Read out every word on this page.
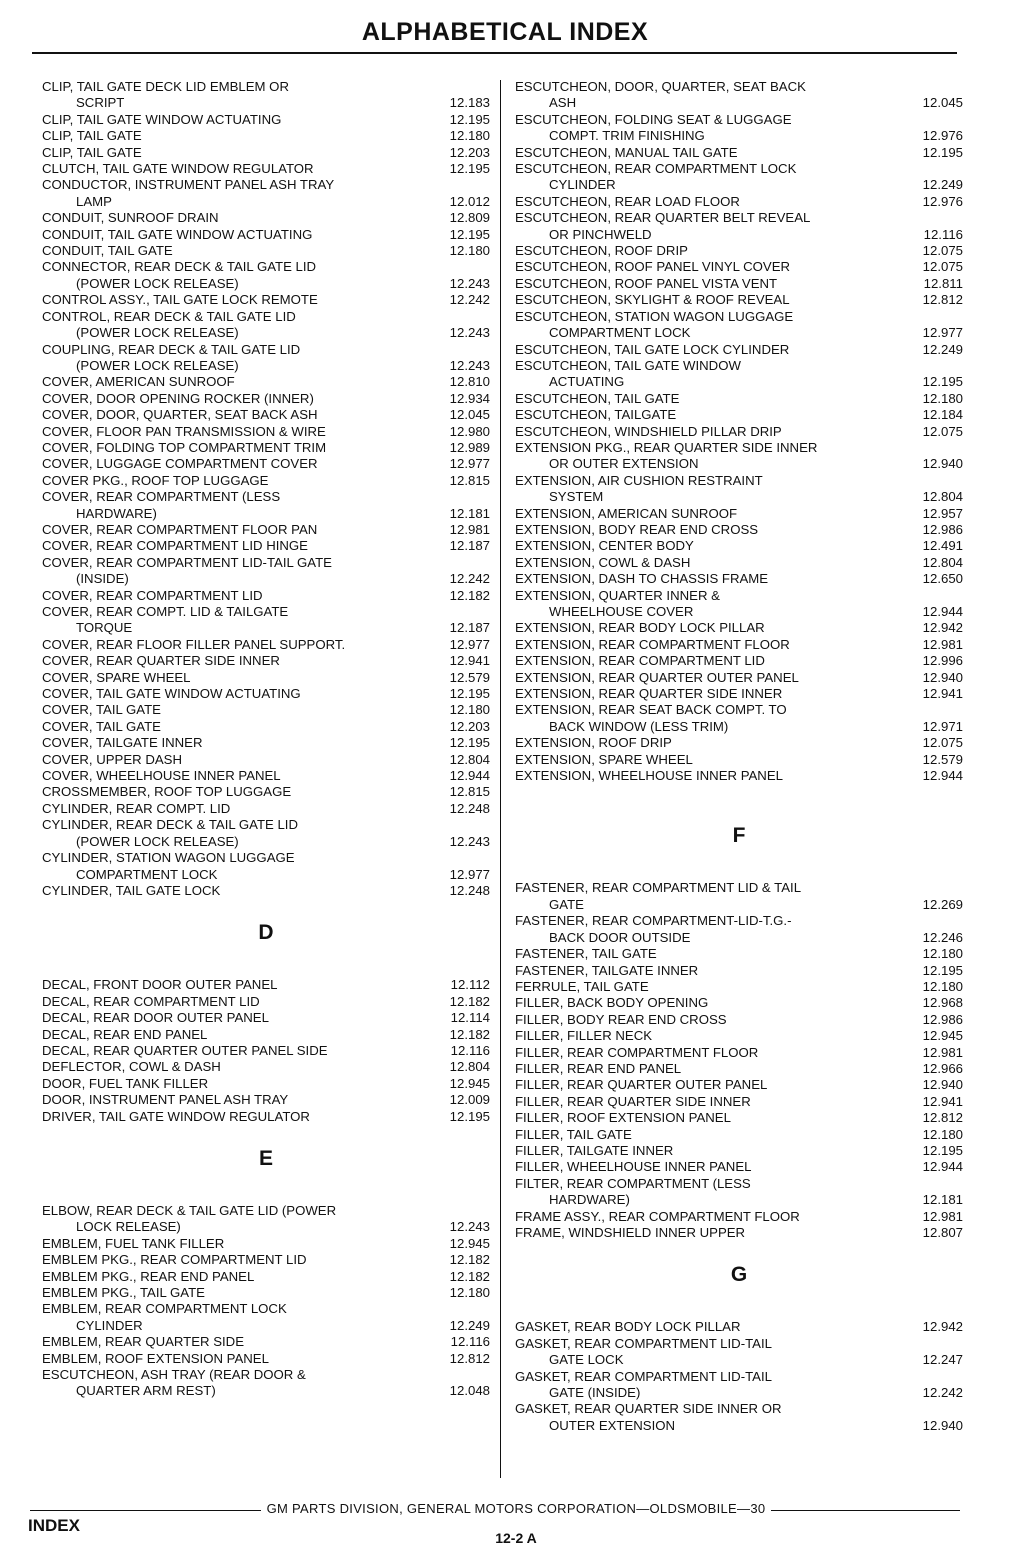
ALPHABETICAL INDEX
CLIP, TAIL GATE DECK LID EMBLEM OR
SCRIPT	12.183
CLIP, TAIL GATE WINDOW ACTUATING	12.195
CLIP, TAIL GATE	12.180
CLIP, TAIL GATE	12.203
CLUTCH, TAIL GATE WINDOW REGULATOR	12.195
CONDUCTOR, INSTRUMENT PANEL ASH TRAY
LAMP	12.012
CONDUIT, SUNROOF DRAIN	12.809
CONDUIT, TAIL GATE WINDOW ACTUATING	12.195
CONDUIT, TAIL GATE	12.180
CONNECTOR, REAR DECK & TAIL GATE LID
(POWER LOCK RELEASE)	12.243
CONTROL ASSY., TAIL GATE LOCK REMOTE	12.242
CONTROL, REAR DECK & TAIL GATE LID
(POWER LOCK RELEASE)	12.243
COUPLING, REAR DECK & TAIL GATE LID
(POWER LOCK RELEASE)	12.243
COVER, AMERICAN SUNROOF	12.810
COVER, DOOR OPENING ROCKER (INNER)	12.934
COVER, DOOR, QUARTER, SEAT BACK ASH	12.045
COVER, FLOOR PAN TRANSMISSION & WIRE	12.980
COVER, FOLDING TOP COMPARTMENT TRIM	12.989
COVER, LUGGAGE COMPARTMENT COVER	12.977
COVER PKG., ROOF TOP LUGGAGE	12.815
COVER, REAR COMPARTMENT (LESS
HARDWARE)	12.181
COVER, REAR COMPARTMENT FLOOR PAN	12.981
COVER, REAR COMPARTMENT LID HINGE	12.187
COVER, REAR COMPARTMENT LID-TAIL GATE
(INSIDE)	12.242
COVER, REAR COMPARTMENT LID	12.182
COVER, REAR COMPT. LID & TAILGATE
TORQUE	12.187
COVER, REAR FLOOR FILLER PANEL SUPPORT.	12.977
COVER, REAR QUARTER SIDE INNER	12.941
COVER, SPARE WHEEL	12.579
COVER, TAIL GATE WINDOW ACTUATING	12.195
COVER, TAIL GATE	12.180
COVER, TAIL GATE	12.203
COVER, TAILGATE INNER	12.195
COVER, UPPER DASH	12.804
COVER, WHEELHOUSE INNER PANEL	12.944
CROSSMEMBER, ROOF TOP LUGGAGE	12.815
CYLINDER, REAR COMPT. LID	12.248
CYLINDER, REAR DECK & TAIL GATE LID
(POWER LOCK RELEASE)	12.243
CYLINDER, STATION WAGON LUGGAGE
COMPARTMENT LOCK	12.977
CYLINDER, TAIL GATE LOCK	12.248
D
DECAL, FRONT DOOR OUTER PANEL	12.112
DECAL, REAR COMPARTMENT LID	12.182
DECAL, REAR DOOR OUTER PANEL	12.114
DECAL, REAR END PANEL	12.182
DECAL, REAR QUARTER OUTER PANEL SIDE	12.116
DEFLECTOR, COWL & DASH	12.804
DOOR, FUEL TANK FILLER	12.945
DOOR, INSTRUMENT PANEL ASH TRAY	12.009
DRIVER, TAIL GATE WINDOW REGULATOR	12.195
E
ELBOW, REAR DECK & TAIL GATE LID (POWER
LOCK RELEASE)	12.243
EMBLEM, FUEL TANK FILLER	12.945
EMBLEM PKG., REAR COMPARTMENT LID	12.182
EMBLEM PKG., REAR END PANEL	12.182
EMBLEM PKG., TAIL GATE	12.180
EMBLEM, REAR COMPARTMENT LOCK
CYLINDER	12.249
EMBLEM, REAR QUARTER SIDE	12.116
EMBLEM, ROOF EXTENSION PANEL	12.812
ESCUTCHEON, ASH TRAY (REAR DOOR &
QUARTER ARM REST)	12.048
ESCUTCHEON, DOOR, QUARTER, SEAT BACK
ASH	12.045
ESCUTCHEON, FOLDING SEAT & LUGGAGE
COMPT. TRIM FINISHING	12.976
ESCUTCHEON, MANUAL TAIL GATE	12.195
ESCUTCHEON, REAR COMPARTMENT LOCK
CYLINDER	12.249
ESCUTCHEON, REAR LOAD FLOOR	12.976
ESCUTCHEON, REAR QUARTER BELT REVEAL
OR PINCHWELD	12.116
ESCUTCHEON, ROOF DRIP	12.075
ESCUTCHEON, ROOF PANEL VINYL COVER	12.075
ESCUTCHEON, ROOF PANEL VISTA VENT	12.811
ESCUTCHEON, SKYLIGHT & ROOF REVEAL	12.812
ESCUTCHEON, STATION WAGON LUGGAGE
COMPARTMENT LOCK	12.977
ESCUTCHEON, TAIL GATE LOCK CYLINDER	12.249
ESCUTCHEON, TAIL GATE WINDOW
ACTUATING	12.195
ESCUTCHEON, TAIL GATE	12.180
ESCUTCHEON, TAILGATE	12.184
ESCUTCHEON, WINDSHIELD PILLAR DRIP	12.075
EXTENSION PKG., REAR QUARTER SIDE INNER
OR OUTER EXTENSION	12.940
EXTENSION, AIR CUSHION RESTRAINT
SYSTEM	12.804
EXTENSION, AMERICAN SUNROOF	12.957
EXTENSION, BODY REAR END CROSS	12.986
EXTENSION, CENTER BODY	12.491
EXTENSION, COWL & DASH	12.804
EXTENSION, DASH TO CHASSIS FRAME	12.650
EXTENSION, QUARTER INNER &
WHEELHOUSE COVER	12.944
EXTENSION, REAR BODY LOCK PILLAR	12.942
EXTENSION, REAR COMPARTMENT FLOOR	12.981
EXTENSION, REAR COMPARTMENT LID	12.996
EXTENSION, REAR QUARTER OUTER PANEL	12.940
EXTENSION, REAR QUARTER SIDE INNER	12.941
EXTENSION, REAR SEAT BACK COMPT. TO
BACK WINDOW (LESS TRIM)	12.971
EXTENSION, ROOF DRIP	12.075
EXTENSION, SPARE WHEEL	12.579
EXTENSION, WHEELHOUSE INNER PANEL	12.944
F
FASTENER, REAR COMPARTMENT LID & TAIL
GATE	12.269
FASTENER, REAR COMPARTMENT-LID-T.G.-
BACK DOOR OUTSIDE	12.246
FASTENER, TAIL GATE	12.180
FASTENER, TAILGATE INNER	12.195
FERRULE, TAIL GATE	12.180
FILLER, BACK BODY OPENING	12.968
FILLER, BODY REAR END CROSS	12.986
FILLER, FILLER NECK	12.945
FILLER, REAR COMPARTMENT FLOOR	12.981
FILLER, REAR END PANEL	12.966
FILLER, REAR QUARTER OUTER PANEL	12.940
FILLER, REAR QUARTER SIDE INNER	12.941
FILLER, ROOF EXTENSION PANEL	12.812
FILLER, TAIL GATE	12.180
FILLER, TAILGATE INNER	12.195
FILLER, WHEELHOUSE INNER PANEL	12.944
FILTER, REAR COMPARTMENT (LESS
HARDWARE)	12.181
FRAME ASSY., REAR COMPARTMENT FLOOR	12.981
FRAME, WINDSHIELD INNER UPPER	12.807
G
GASKET, REAR BODY LOCK PILLAR	12.942
GASKET, REAR COMPARTMENT LID-TAIL
GATE LOCK	12.247
GASKET, REAR COMPARTMENT LID-TAIL
GATE (INSIDE)	12.242
GASKET, REAR QUARTER SIDE INNER OR
OUTER EXTENSION	12.940
GM PARTS DIVISION, GENERAL MOTORS CORPORATION—OLDSMOBILE—30
INDEX
12-2 A
